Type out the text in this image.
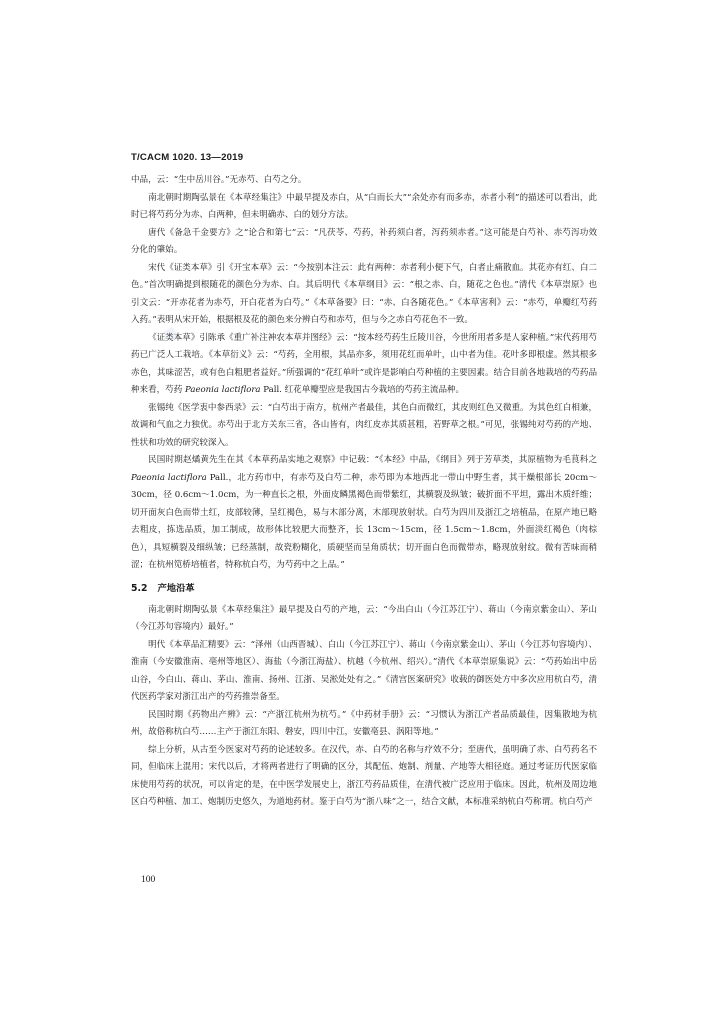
·
T/CACM 1020. 13—2019

中品，云：“生中岳川谷。”无赤芍、白芍之分。

南北朝时期陶弘景在《本草经集注》中最早提及赤白，从“白而长大”“余处亦有而多赤，赤者小利”的描述可以看出，此时已将芍药分为赤、白两种，但未明确赤、白的划分方法。

唐代《备急千金要方》之“论合和第七”云：“凡茯苓、芍药，补药须白者，泻药须赤者。”这可能是白芍补、赤芍泻功效分化的肇始。

宋代《证类本草》引《开宝本草》云：“今按别本注云：此有两种：赤者利小便下气，白者止痛散血。其花亦有红、白二色。”首次明确提到根随花的颜色分为赤、白。其后明代《本草纲目》云：“根之赤、白，随花之色也。”清代《本草崇原》也引文云：“开赤花者为赤芍，开白花者为白芍。”《本草备要》曰：“赤、白各随花色。”《本草害利》云：“赤芍，单瓣红芍药入药。”表明从宋开始，根据根及花的颜色来分辨白芍和赤芍，但与今之赤白芍花色不一致。

《证类本草》引陈承《重广补注神农本草并图经》云：“按本经芍药生丘陵川谷，今世所用者多是人家种植。”宋代药用芍药已广泛人工栽培。《本草衍义》云：“芍药，全用根，其品亦多，须用花红而单叶，山中者为佳。花叶多即根虚。然其根多赤色，其味涩苦，或有色白粗肥者益好。”所强调的“花红单叶”或许是影响白芍种植的主要因素。结合目前各地栽培的芍药品种来看，芍药 Paeonia lactiflora Pall. 红花单瓣型应是我国古今栽培的芍药主流品种。

张锡纯《医学衷中参西录》云：“白芍出于南方，杭州产者最佳，其色白而微红，其皮则红色又微重。为其色红白相兼，故调和气血之力独优。赤芍出于北方关东三省，各山皆有，肉红皮赤其质甚粗，若野草之根。”可见，张锡纯对芍药的产地、性状和功效的研究较深入。

民国时期赵燏黄先生在其《本草药品实地之观察》中记载：“《本经》中品，《纲目》列于芳草类，其原植物为毛茛科之 Paeonia lactiflora Pall.，北方药市中，有赤芍及白芍二种，赤芍即为本地西北一带山中野生者，其干燥根部长 20cm～30cm，径 0.6cm～1.0cm，为一种直长之根，外面皮鳞黑褐色而带紫红，其横裂及纵皱；破折面不平坦，露出木质纤维；切开面灰白色而带土红，皮部较薄，呈红褐色，易与木部分离，木部现放射状。白芍为四川及浙江之培植品，在原产地已略去粗皮，拣选品质，加工制成，故形体比较肥大而整齐，长 13cm～15cm，径 1.5cm～1.8cm，外面淡红褐色（肉棕色），具短横裂及细纵皱；已经蒸制，故瓷粉糊化，质硬坚而呈角质状；切开面白色而微带赤，略现放射纹。微有苦味而稍涩；在杭州笕桥培植者，特称杭白芍，为芍药中之上品。”

5.2 产地沿革

南北朝时期陶弘景《本草经集注》最早提及白芍的产地，云：“今出白山（今江苏江宁）、蒋山（今南京紫金山）、茅山（今江苏句容境内）最好。”

明代《本草品汇精要》云：“泽州（山西晋城）、白山（今江苏江宁）、蒋山（今南京紫金山）、茅山（今江苏句容境内）、淮南（今安徽淮南、亳州等地区）、海盐（今浙江海盐）、杭越（今杭州、绍兴）。”清代《本草崇原集说》云：“芍药始出中岳山谷，今白山、蒋山、茅山、淮南、扬州、江浙、吴淞处处有之。”《清宫医案研究》收载的御医处方中多次应用杭白芍，清代医药学家对浙江出产的芍药推崇备至。

民国时期《药物出产辨》云：“产浙江杭州为杭芍。”《中药材手册》云：“习惯认为浙江产者品质最佳，因集散地为杭州，故俗称杭白芍……主产于浙江东阳、磐安，四川中江，安徽亳县、涡阳等地。”

综上分析，从古至今医家对芍药的论述较多。在汉代，赤、白芍的名称与疗效不分；至唐代，虽明确了赤、白芍药名不同，但临床上混用；宋代以后，才将两者进行了明确的区分，其配伍、炮制、剂量、产地等大相径庭。通过考证历代医家临床使用芍药的状况，可以肯定的是，在中医学发展史上，浙江芍药品质佳，在清代被广泛应用于临床。因此，杭州及周边地区白芍种植、加工、炮制历史悠久，为道地药材。鉴于白芍为“浙八味”之一，结合文献，本标准采纳杭白芍称谓。杭白芍产

100
